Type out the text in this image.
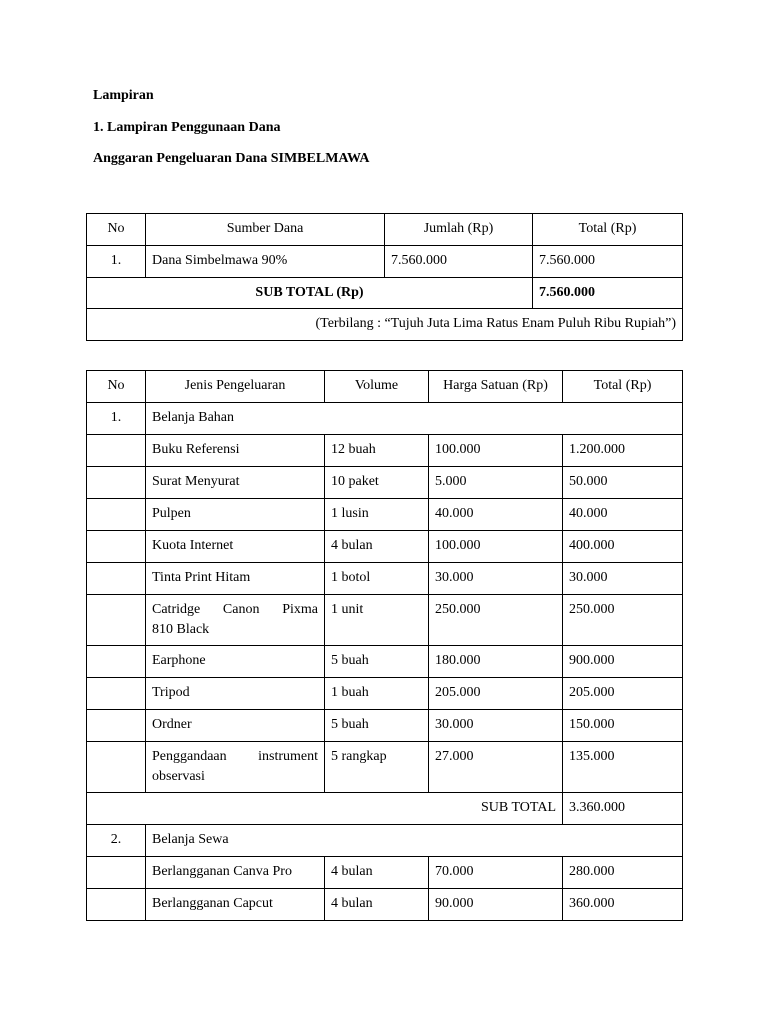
Lampiran

1. Lampiran Penggunaan Dana

Anggaran Pengeluaran Dana SIMBELMAWA

No	Sumber Dana	Jumlah (Rp)	Total (Rp)
1.	Dana Simbelmawa 90%	7.560.000	7.560.000
SUB TOTAL (Rp)			7.560.000
(Terbilang : “Tujuh Juta Lima Ratus Enam Puluh Ribu Rupiah”)			
No	Jenis Pengeluaran	Volume	Harga Satuan (Rp)	Total (Rp)
1.	Belanja Bahan			

	Buku Referensi	12 buah	100.000	1.200.000

	Surat Menyurat	10 paket	5.000	50.000

	Pulpen	1 lusin	40.000	40.000

	Kuota Internet	4 bulan	100.000	400.000

	Tinta Print Hitam	1 botol	30.000	30.000

	Catridge Canon Pixma
810 Black	1 unit	250.000	250.000

	Earphone	5 buah	180.000	900.000

	Tripod	1 buah	205.000	205.000

	Ordner	5 buah	30.000	150.000

	Penggandaan instrument
observasi	5 rangkap	27.000	135.000
SUB TOTAL				3.360.000
2.	Belanja Sewa			

	Berlangganan Canva Pro	4 bulan	70.000	280.000

	Berlangganan Capcut	4 bulan	90.000	360.000
